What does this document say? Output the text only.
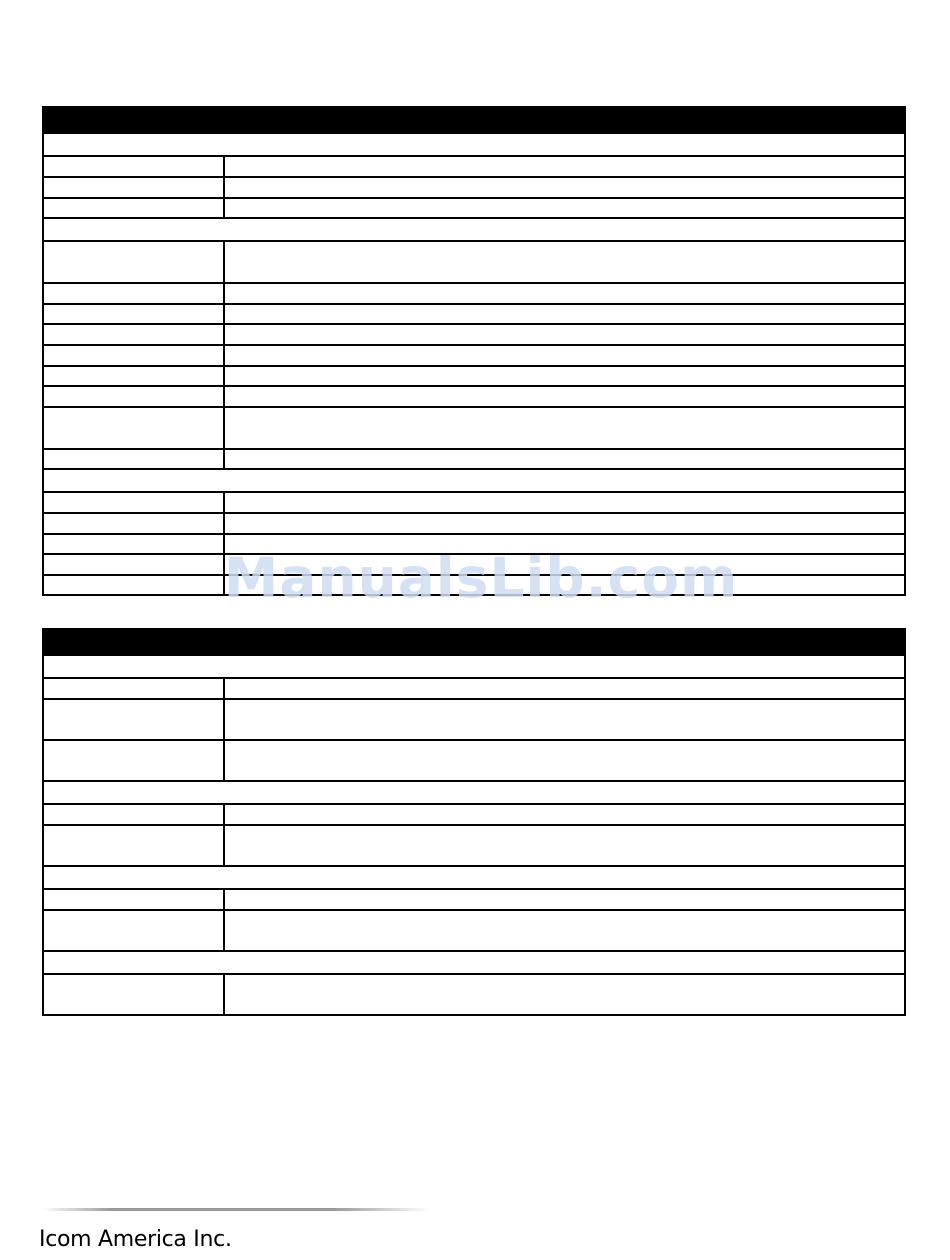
ManualsLib.com
Icom America Inc.
